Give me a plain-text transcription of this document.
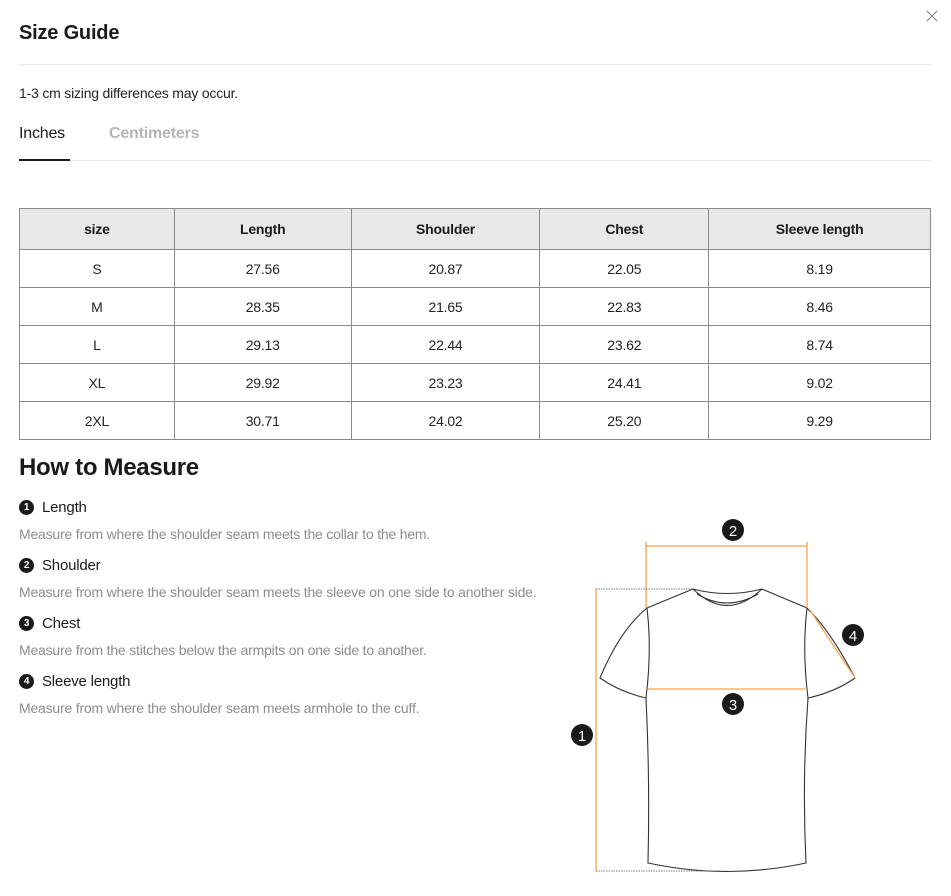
Size Guide
1-3 cm sizing differences may occur.
Inches	Centimeters
size	Length	Shoulder	Chest	Sleeve length
S	27.56	20.87	22.05	8.19
M	28.35	21.65	22.83	8.46
L	29.13	22.44	23.62	8.74
XL	29.92	23.23	24.41	9.02
2XL	30.71	24.02	25.20	9.29
How to Measure
1 Length
Measure from where the shoulder seam meets the collar to the hem.
2 Shoulder
Measure from where the shoulder seam meets the sleeve on one side to another side.
3 Chest
Measure from the stitches below the armpits on one side to another.
4 Sleeve length
Measure from where the shoulder seam meets armhole to the cuff.
2
4
3
1
